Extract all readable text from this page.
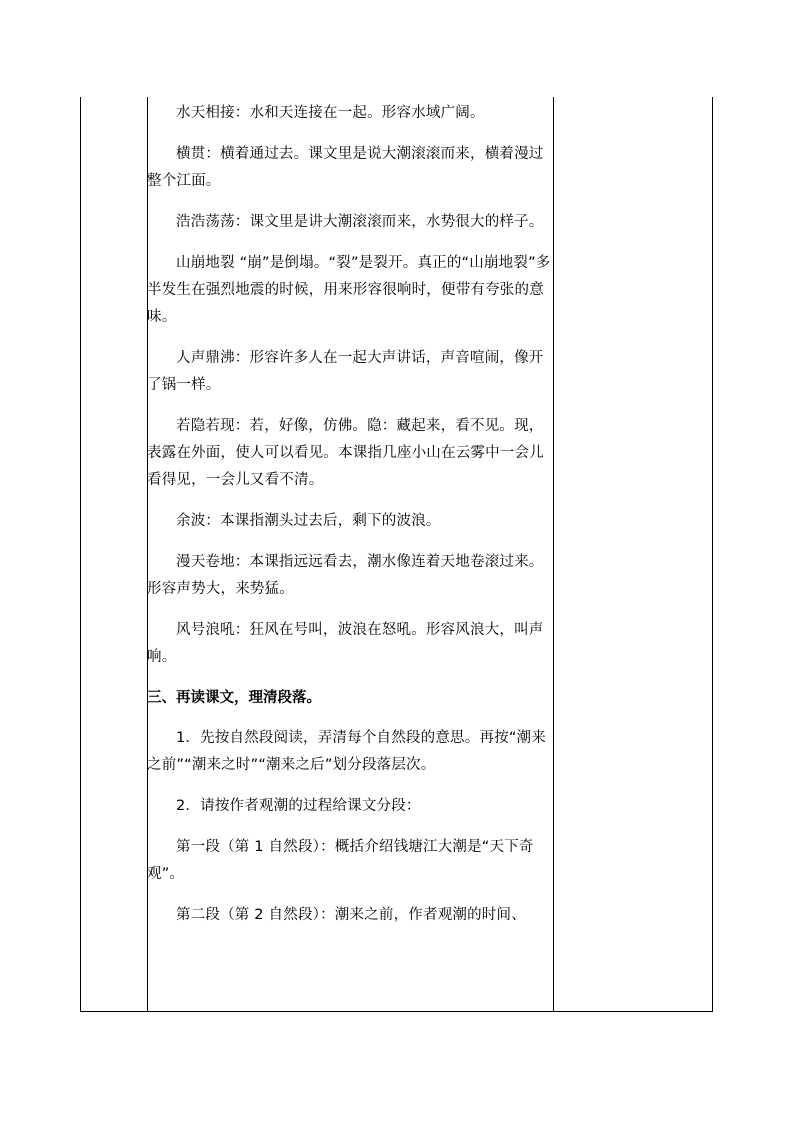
水天相接：水和天连接在一起。形容水域广阔。

横贯：横着通过去。课文里是说大潮滚滚而来，横着漫过整个江面。

浩浩荡荡：课文里是讲大潮滚滚而来，水势很大的样子。

山崩地裂 “崩”是倒塌。“裂”是裂开。真正的“山崩地裂”多半发生在强烈地震的时候，用来形容很响时，便带有夸张的意味。

人声鼎沸：形容许多人在一起大声讲话，声音喧闹，像开了锅一样。

若隐若现：若，好像，仿佛。隐：藏起来，看不见。现，表露在外面，使人可以看见。本课指几座小山在云雾中一会儿看得见，一会儿又看不清。

余波：本课指潮头过去后，剩下的波浪。

漫天卷地：本课指远远看去，潮水像连着天地卷滚过来。形容声势大，来势猛。

风号浪吼：狂风在号叫，波浪在怒吼。形容风浪大，叫声响。

三、再读课文，理清段落。

1．先按自然段阅读，弄清每个自然段的意思。再按“潮来之前”“潮来之时”“潮来之后”划分段落层次。

2．请按作者观潮的过程给课文分段：

第一段（第 1 自然段）：概括介绍钱塘江大潮是“天下奇观”。

第二段（第 2 自然段）：潮来之前，作者观潮的时间、
